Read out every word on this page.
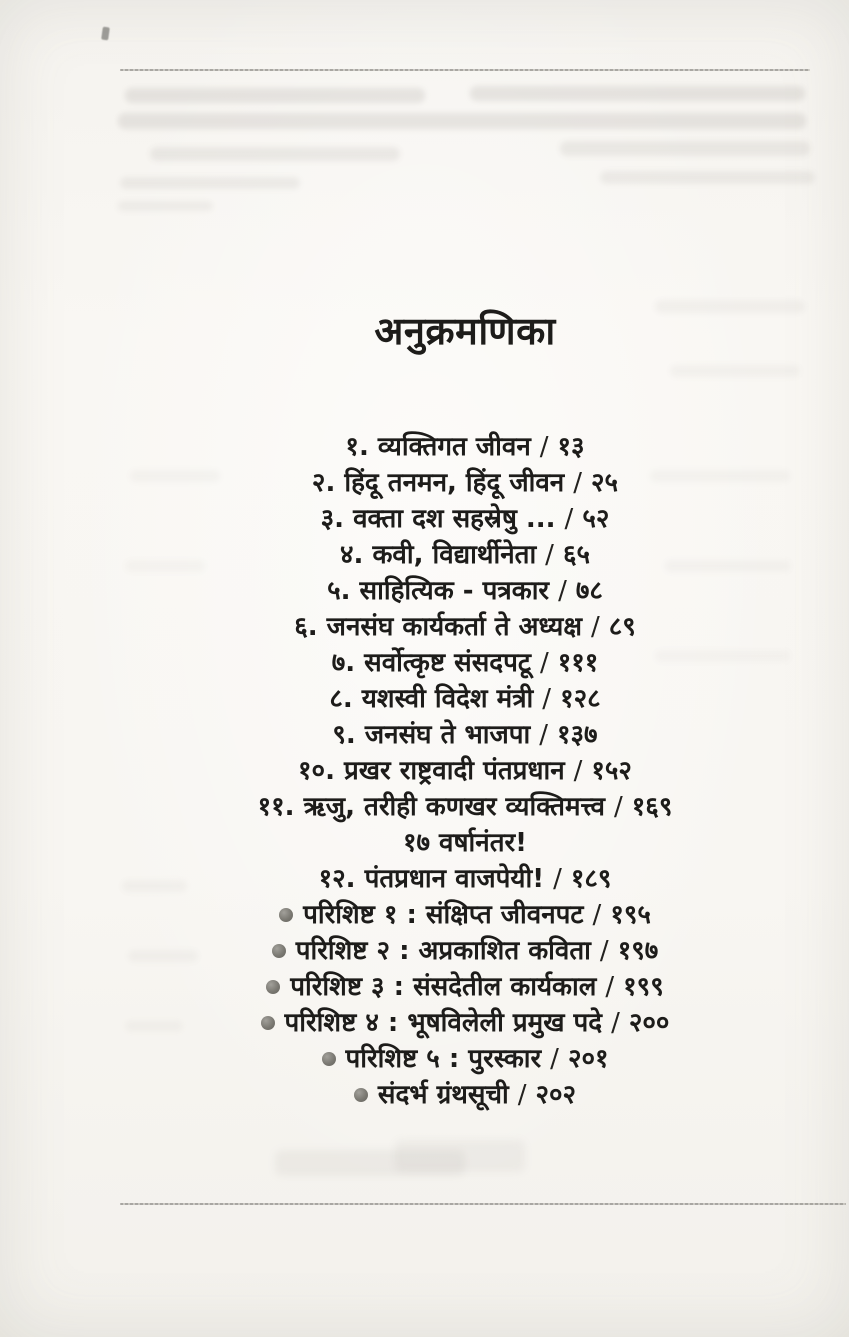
अनुक्रमणिका
१. व्यक्तिगत जीवन / १३
२. हिंदू तनमन, हिंदू जीवन / २५
३. वक्ता दश सहस्रेषु ... / ५२
४. कवी, विद्यार्थीनेता / ६५
५. साहित्यिक - पत्रकार / ७८
६. जनसंघ कार्यकर्ता ते अध्यक्ष / ८९
७. सर्वोत्कृष्ट संसदपटू / १११
८. यशस्वी विदेश मंत्री / १२८
९. जनसंघ ते भाजपा / १३७
१०. प्रखर राष्ट्रवादी पंतप्रधान / १५२
११. ऋजु, तरीही कणखर व्यक्तिमत्त्व / १६९
१७ वर्षानंतर!
१२. पंतप्रधान वाजपेयी! / १८९
परिशिष्ट १ : संक्षिप्त जीवनपट / १९५
परिशिष्ट २ : अप्रकाशित कविता / १९७
परिशिष्ट ३ : संसदेतील कार्यकाल / १९९
परिशिष्ट ४ : भूषविलेली प्रमुख पदे / २००
परिशिष्ट ५ : पुरस्कार / २०१
संदर्भ ग्रंथसूची / २०२
